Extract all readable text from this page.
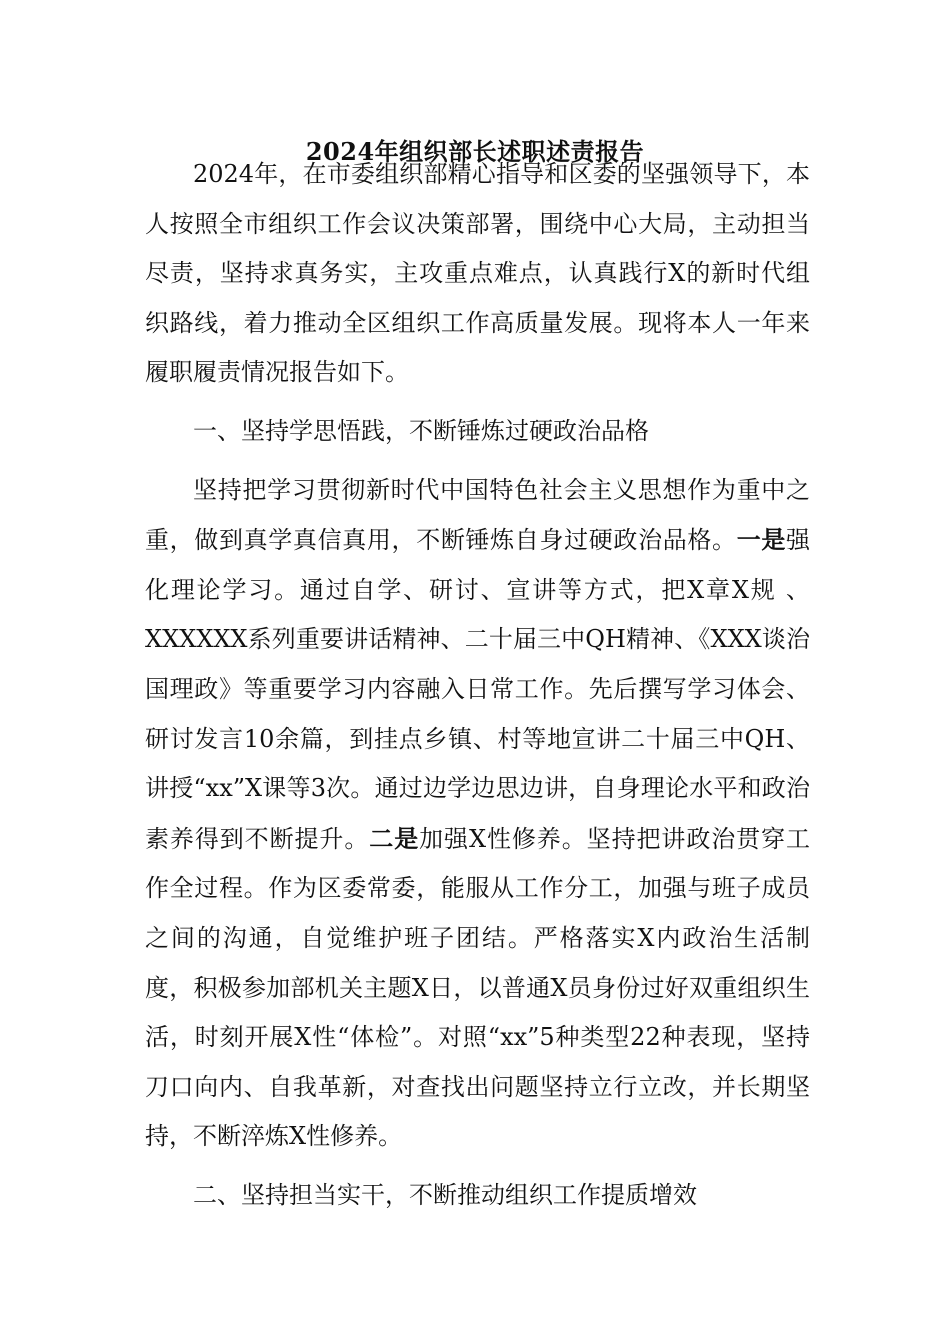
2024年组织部长述职述责报告

2024年，在市委组织部精心指导和区委的坚强领导下，本人按照全市组织工作会议决策部署，围绕中心大局，主动担当尽责，坚持求真务实，主攻重点难点，认真践行X的新时代组织路线，着力推动全区组织工作高质量发展。现将本人一年来履职履责情况报告如下。

一、坚持学思悟践，不断锤炼过硬政治品格

坚持把学习贯彻新时代中国特色社会主义思想作为重中之重，做到真学真信真用，不断锤炼自身过硬政治品格。一是强化理论学习。通过自学、研讨、宣讲等方式，把X章X规 、XXXXXX系列重要讲话精神、二十届三中QH精神、《XXX谈治国理政》等重要学习内容融入日常工作。先后撰写学习体会、研讨发言10余篇，到挂点乡镇、村等地宣讲二十届三中QH、讲授“xx”X课等3次。通过边学边思边讲，自身理论水平和政治素养得到不断提升。二是加强X性修养。坚持把讲政治贯穿工作全过程。作为区委常委，能服从工作分工，加强与班子成员之间的沟通，自觉维护班子团结。严格落实X内政治生活制度，积极参加部机关主题X日，以普通X员身份过好双重组织生活，时刻开展X性“体检”。对照“xx”5种类型22种表现，坚持刀口向内、自我革新，对查找出问题坚持立行立改，并长期坚持，不断淬炼X性修养。

二、坚持担当实干，不断推动组织工作提质增效
